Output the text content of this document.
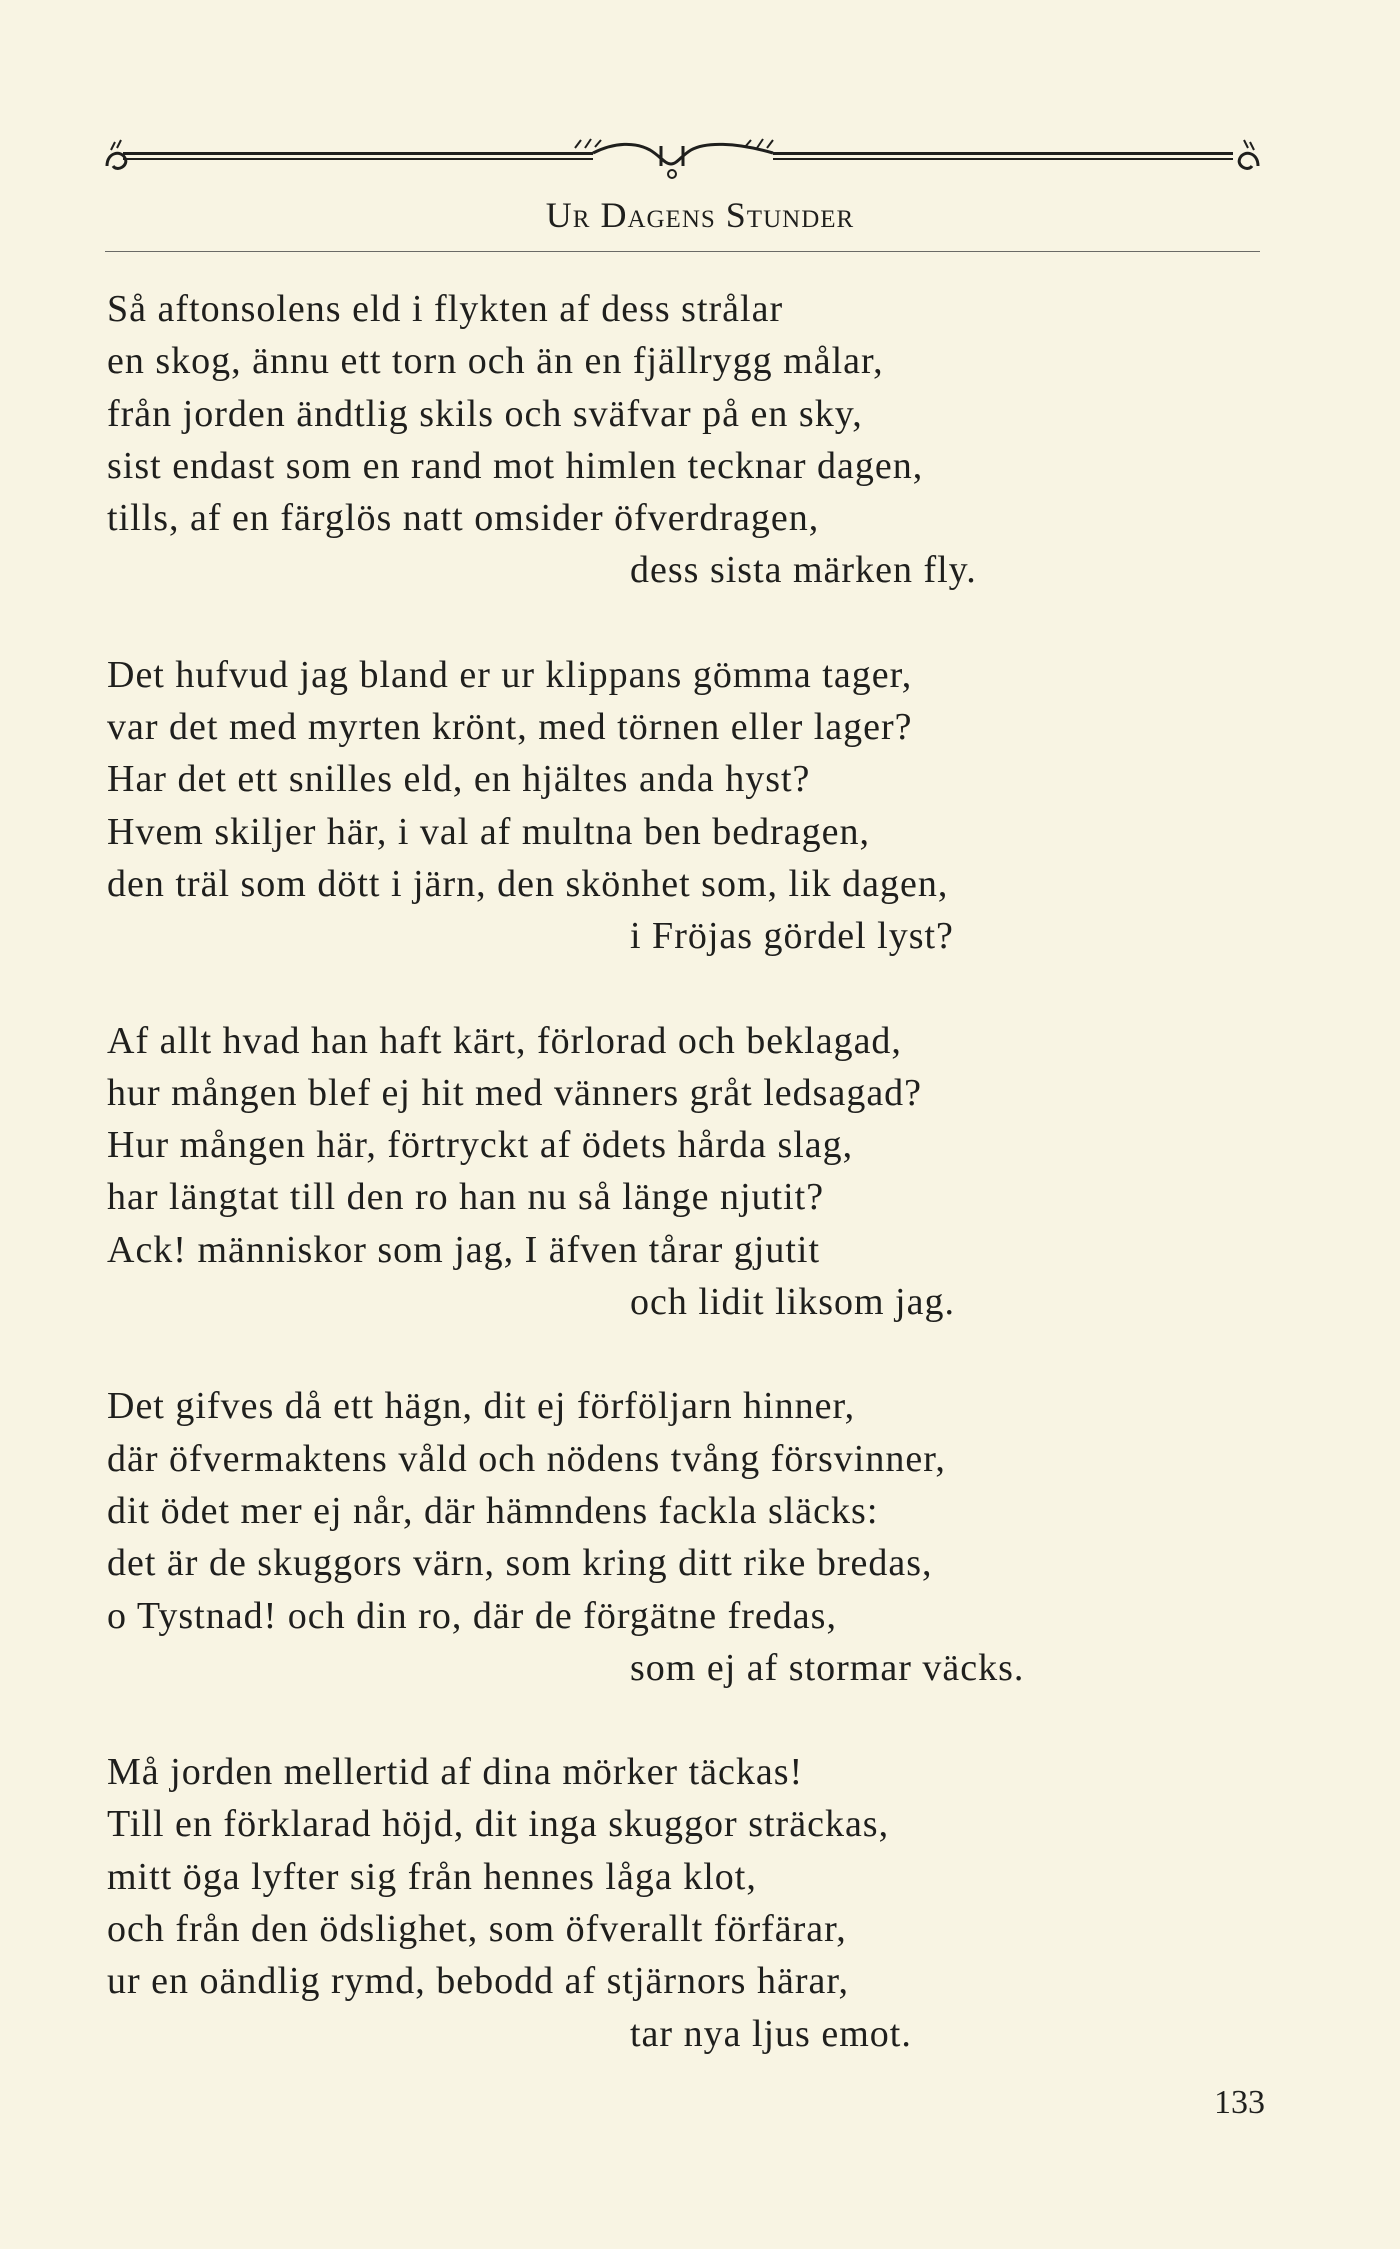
Ur Dagens Stunder
Så aftonsolens eld i flykten af dess strålar
en skog, ännu ett torn och än en fjällrygg målar,
från jorden ändtlig skils och sväfvar på en sky,
sist endast som en rand mot himlen tecknar dagen,
tills, af en färglös natt omsider öfverdragen,
dess sista märken fly.
Det hufvud jag bland er ur klippans gömma tager,
var det med myrten krönt, med törnen eller lager?
Har det ett snilles eld, en hjältes anda hyst?
Hvem skiljer här, i val af multna ben bedragen,
den träl som dött i järn, den skönhet som, lik dagen,
i Fröjas gördel lyst?
Af allt hvad han haft kärt, förlorad och beklagad,
hur mången blef ej hit med vänners gråt ledsagad?
Hur mången här, förtryckt af ödets hårda slag,
har längtat till den ro han nu så länge njutit?
Ack! människor som jag, I äfven tårar gjutit
och lidit liksom jag.
Det gifves då ett hägn, dit ej förföljarn hinner,
där öfvermaktens våld och nödens tvång försvinner,
dit ödet mer ej når, där hämndens fackla släcks:
det är de skuggors värn, som kring ditt rike bredas,
o Tystnad! och din ro, där de förgätne fredas,
som ej af stormar väcks.
Må jorden mellertid af dina mörker täckas!
Till en förklarad höjd, dit inga skuggor sträckas,
mitt öga lyfter sig från hennes låga klot,
och från den ödslighet, som öfverallt förfärar,
ur en oändlig rymd, bebodd af stjärnors härar,
tar nya ljus emot.
133
